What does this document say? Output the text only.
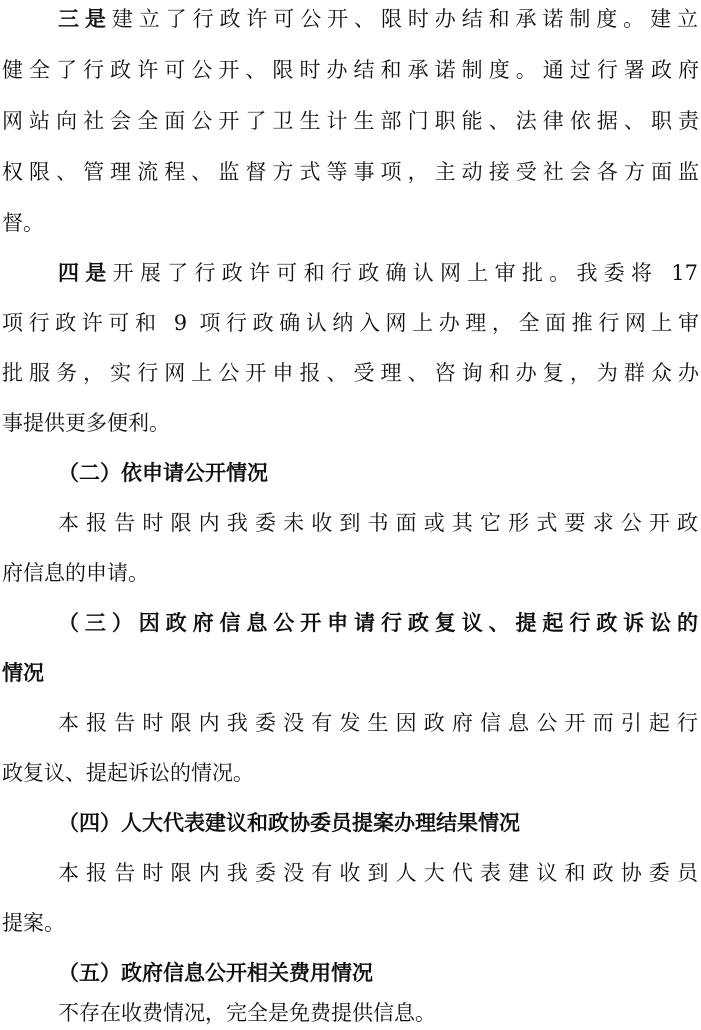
三是建立了行政许可公开、限时办结和承诺制度。建立
健全了行政许可公开、限时办结和承诺制度。通过行署政府
网站向社会全面公开了卫生计生部门职能、法律依据、职责
权限、管理流程、监督方式等事项，主动接受社会各方面监
督。
四是开展了行政许可和行政确认网上审批。我委将 17
项行政许可和 9 项行政确认纳入网上办理，全面推行网上审
批服务，实行网上公开申报、受理、咨询和办复，为群众办
事提供更多便利。
（二）依申请公开情况
本报告时限内我委未收到书面或其它形式要求公开政
府信息的申请。
（三）因政府信息公开申请行政复议、提起行政诉讼的
情况
本报告时限内我委没有发生因政府信息公开而引起行
政复议、提起诉讼的情况。
（四）人大代表建议和政协委员提案办理结果情况
本报告时限内我委没有收到人大代表建议和政协委员
提案。
（五）政府信息公开相关费用情况
不存在收费情况，完全是免费提供信息。
